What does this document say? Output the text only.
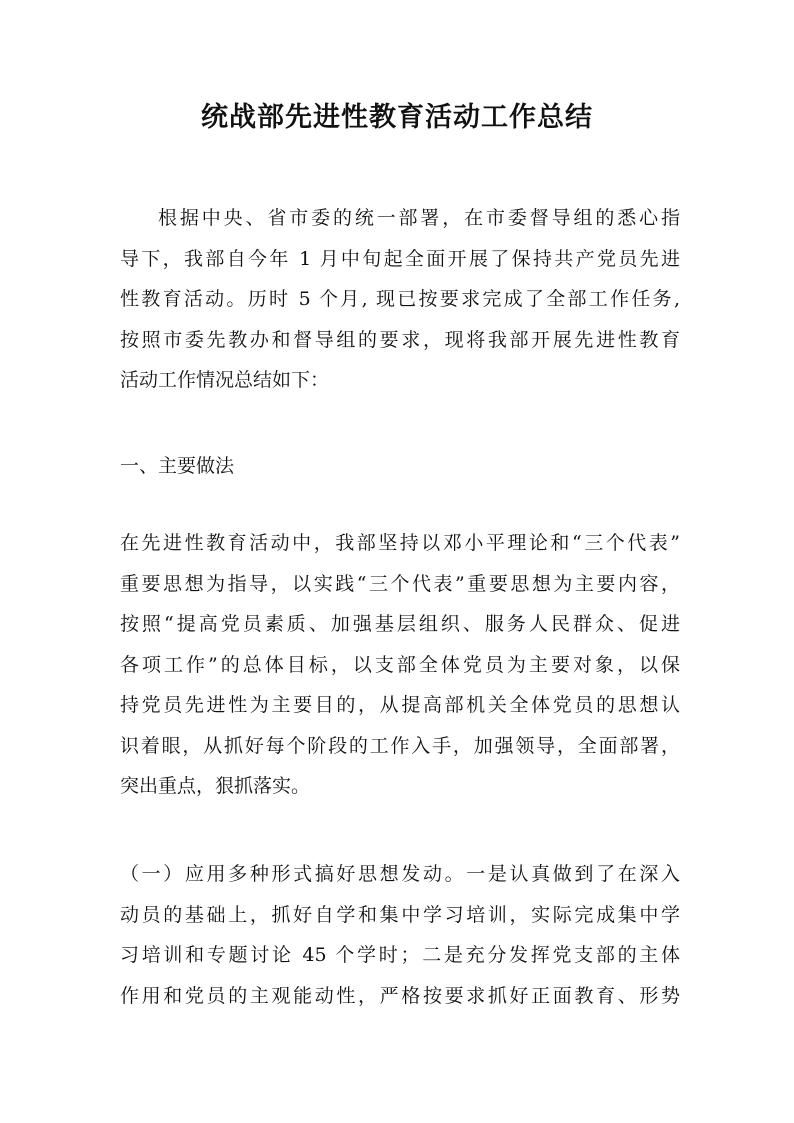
统战部先进性教育活动工作总结
根据中央、省市委的统一部署，在市委督导组的悉心指
导下，我部自今年 1 月中旬起全面开展了保持共产党员先进
性教育活动。历时 5 个月, 现已按要求完成了全部工作任务,
按照市委先教办和督导组的要求，现将我部开展先进性教育
活动工作情况总结如下：
一、主要做法
在先进性教育活动中，我部坚持以邓小平理论和“三个代表”
重要思想为指导，以实践“三个代表”重要思想为主要内容，
按照“提高党员素质、加强基层组织、服务人民群众、促进
各项工作”的总体目标，以支部全体党员为主要对象，以保
持党员先进性为主要目的，从提高部机关全体党员的思想认
识着眼，从抓好每个阶段的工作入手，加强领导，全面部署，
突出重点，狠抓落实。
（一）应用多种形式搞好思想发动。一是认真做到了在深入
动员的基础上，抓好自学和集中学习培训，实际完成集中学
习培训和专题讨论 45 个学时；二是充分发挥党支部的主体
作用和党员的主观能动性，严格按要求抓好正面教育、形势
